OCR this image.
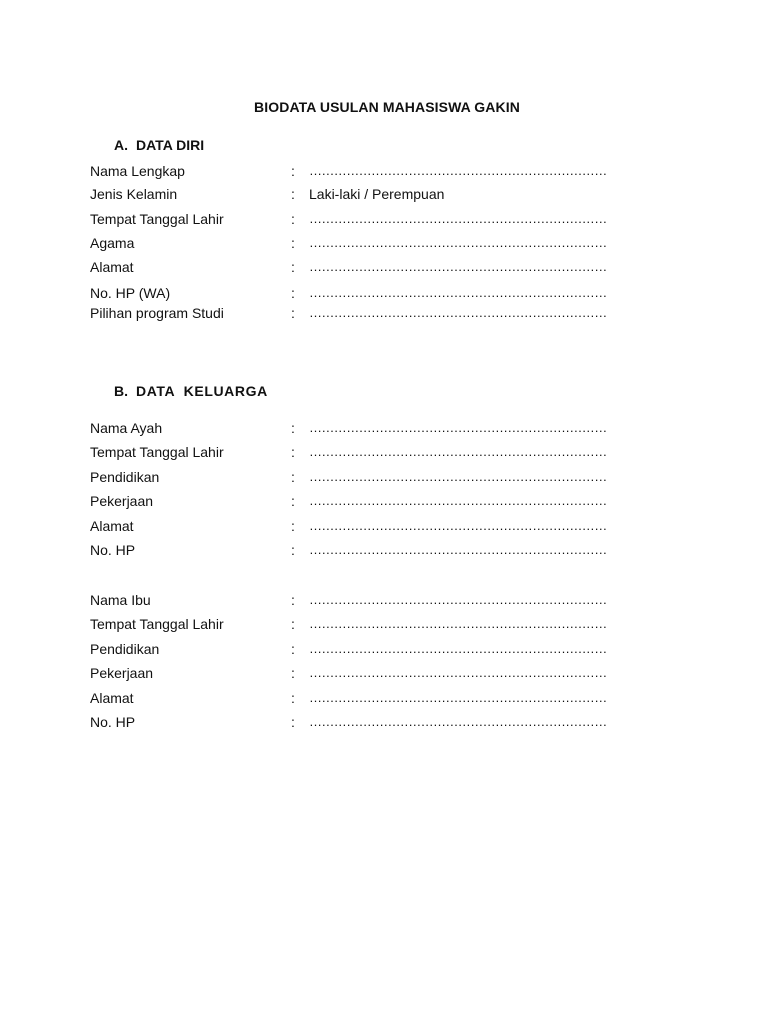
BIODATA USULAN MAHASISWA GAKIN
A. DATA DIRI
Nama Lengkap	: ………………………………………………………………
Jenis Kelamin	: Laki-laki / Perempuan
Tempat Tanggal Lahir	: ………………………………………………………………
Agama	: ………………………………………………………………
Alamat	: ………………………………………………………………
No. HP (WA)	: ………………………………………………………………
Pilihan program Studi	: ………………………………………………………………
B. DATA  KELUARGA
Nama Ayah	: ………………………………………………………………
Tempat Tanggal Lahir	: ………………………………………………………………
Pendidikan	: ………………………………………………………………
Pekerjaan	: ………………………………………………………………
Alamat	: ………………………………………………………………
No. HP	: ………………………………………………………………
Nama Ibu	: ………………………………………………………………
Tempat Tanggal Lahir	: ………………………………………………………………
Pendidikan	: ………………………………………………………………
Pekerjaan	: ………………………………………………………………
Alamat	: ………………………………………………………………
No. HP	: ………………………………………………………………
